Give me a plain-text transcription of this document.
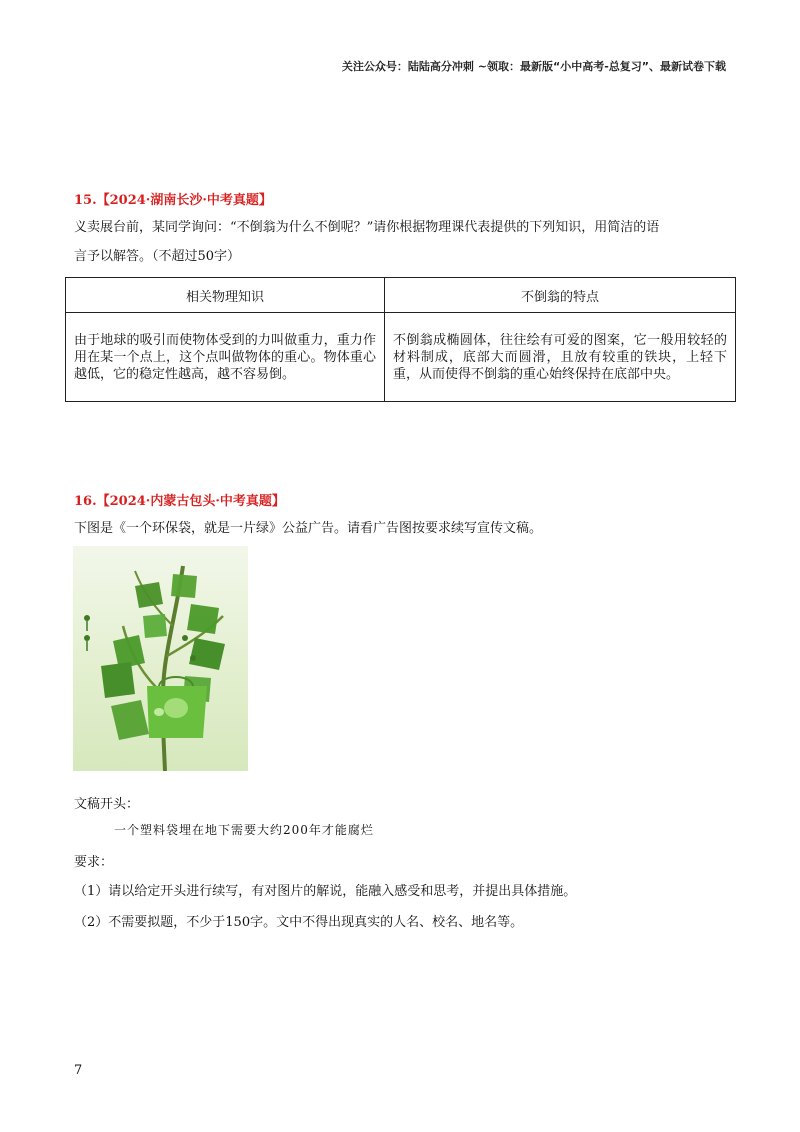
关注公众号：陆陆高分冲刺 ~领取：最新版“小中高考-总复习”、最新试卷下载
15.【2024·湖南长沙·中考真题】

义卖展台前，某同学询问：“不倒翁为什么不倒呢？”请你根据物理课代表提供的下列知识，用简洁的语

言予以解答。（不超过50字）

相关物理知识	不倒翁的特点
由于地球的吸引而使物体受到的力叫做重力，重力作用在某一个点上，这个点叫做物体的重心。物体重心越低，它的稳定性越高，越不容易倒。	不倒翁成椭圆体，往往绘有可爱的图案，它一般用较轻的材料制成，底部大而圆滑，且放有较重的铁块，上轻下重，从而使得不倒翁的重心始终保持在底部中央。
16.【2024·内蒙古包头·中考真题】

下图是《一个环保袋，就是一片绿》公益广告。请看广告图按要求续写宣传文稿。

文稿开头：
一个塑料袋埋在地下需要大约200年才能腐烂
要求：
（1）请以给定开头进行续写，有对图片的解说，能融入感受和思考，并提出具体措施。
（2）不需要拟题，不少于150字。文中不得出现真实的人名、校名、地名等。
7
